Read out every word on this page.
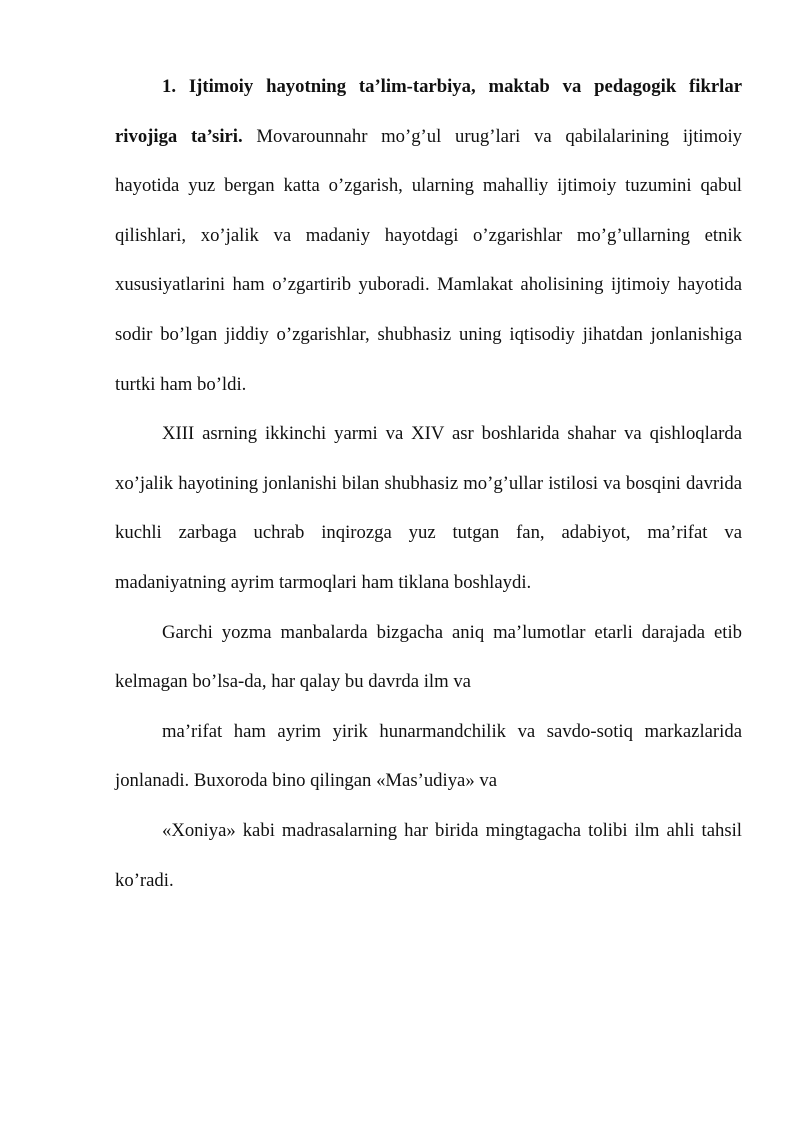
1. Ijtimoiy hayotning ta’lim-tarbiya, maktab va pedagogik fikrlar rivojiga ta’siri. Movarounnahr mo’g’ul urug’lari va qabilalarining ijtimoiy hayotida yuz bergan katta o’zgarish, ularning mahalliy ijtimoiy tuzumini qabul qilishlari, xo’jalik va madaniy hayotdagi o’zgarishlar mo’g’ullarning etnik xususiyatlarini ham o’zgartirib yuboradi. Mamlakat aholisining ijtimoiy hayotida sodir bo’lgan jiddiy o’zgarishlar, shubhasiz uning iqtisodiy jihatdan jonlanishiga turtki ham bo’ldi.

XIII asrning ikkinchi yarmi va XIV asr boshlarida shahar va qishloqlarda xo’jalik hayotining jonlanishi bilan shubhasiz mo’g’ullar istilosi va bosqini davrida kuchli zarbaga uchrab inqirozga yuz tutgan fan, adabiyot, ma’rifat va madaniyatning ayrim tarmoqlari ham tiklana boshlaydi.

Garchi yozma manbalarda bizgacha aniq ma’lumotlar etarli darajada etib kelmagan bo’lsa-da, har qalay bu davrda ilm va

ma’rifat ham ayrim yirik hunarmandchilik va savdo-sotiq markazlarida jonlanadi. Buxoroda bino qilingan «Mas’udiya» va

«Xoniya» kabi madrasalarning har birida mingtagacha tolibi ilm ahli tahsil ko’radi.
